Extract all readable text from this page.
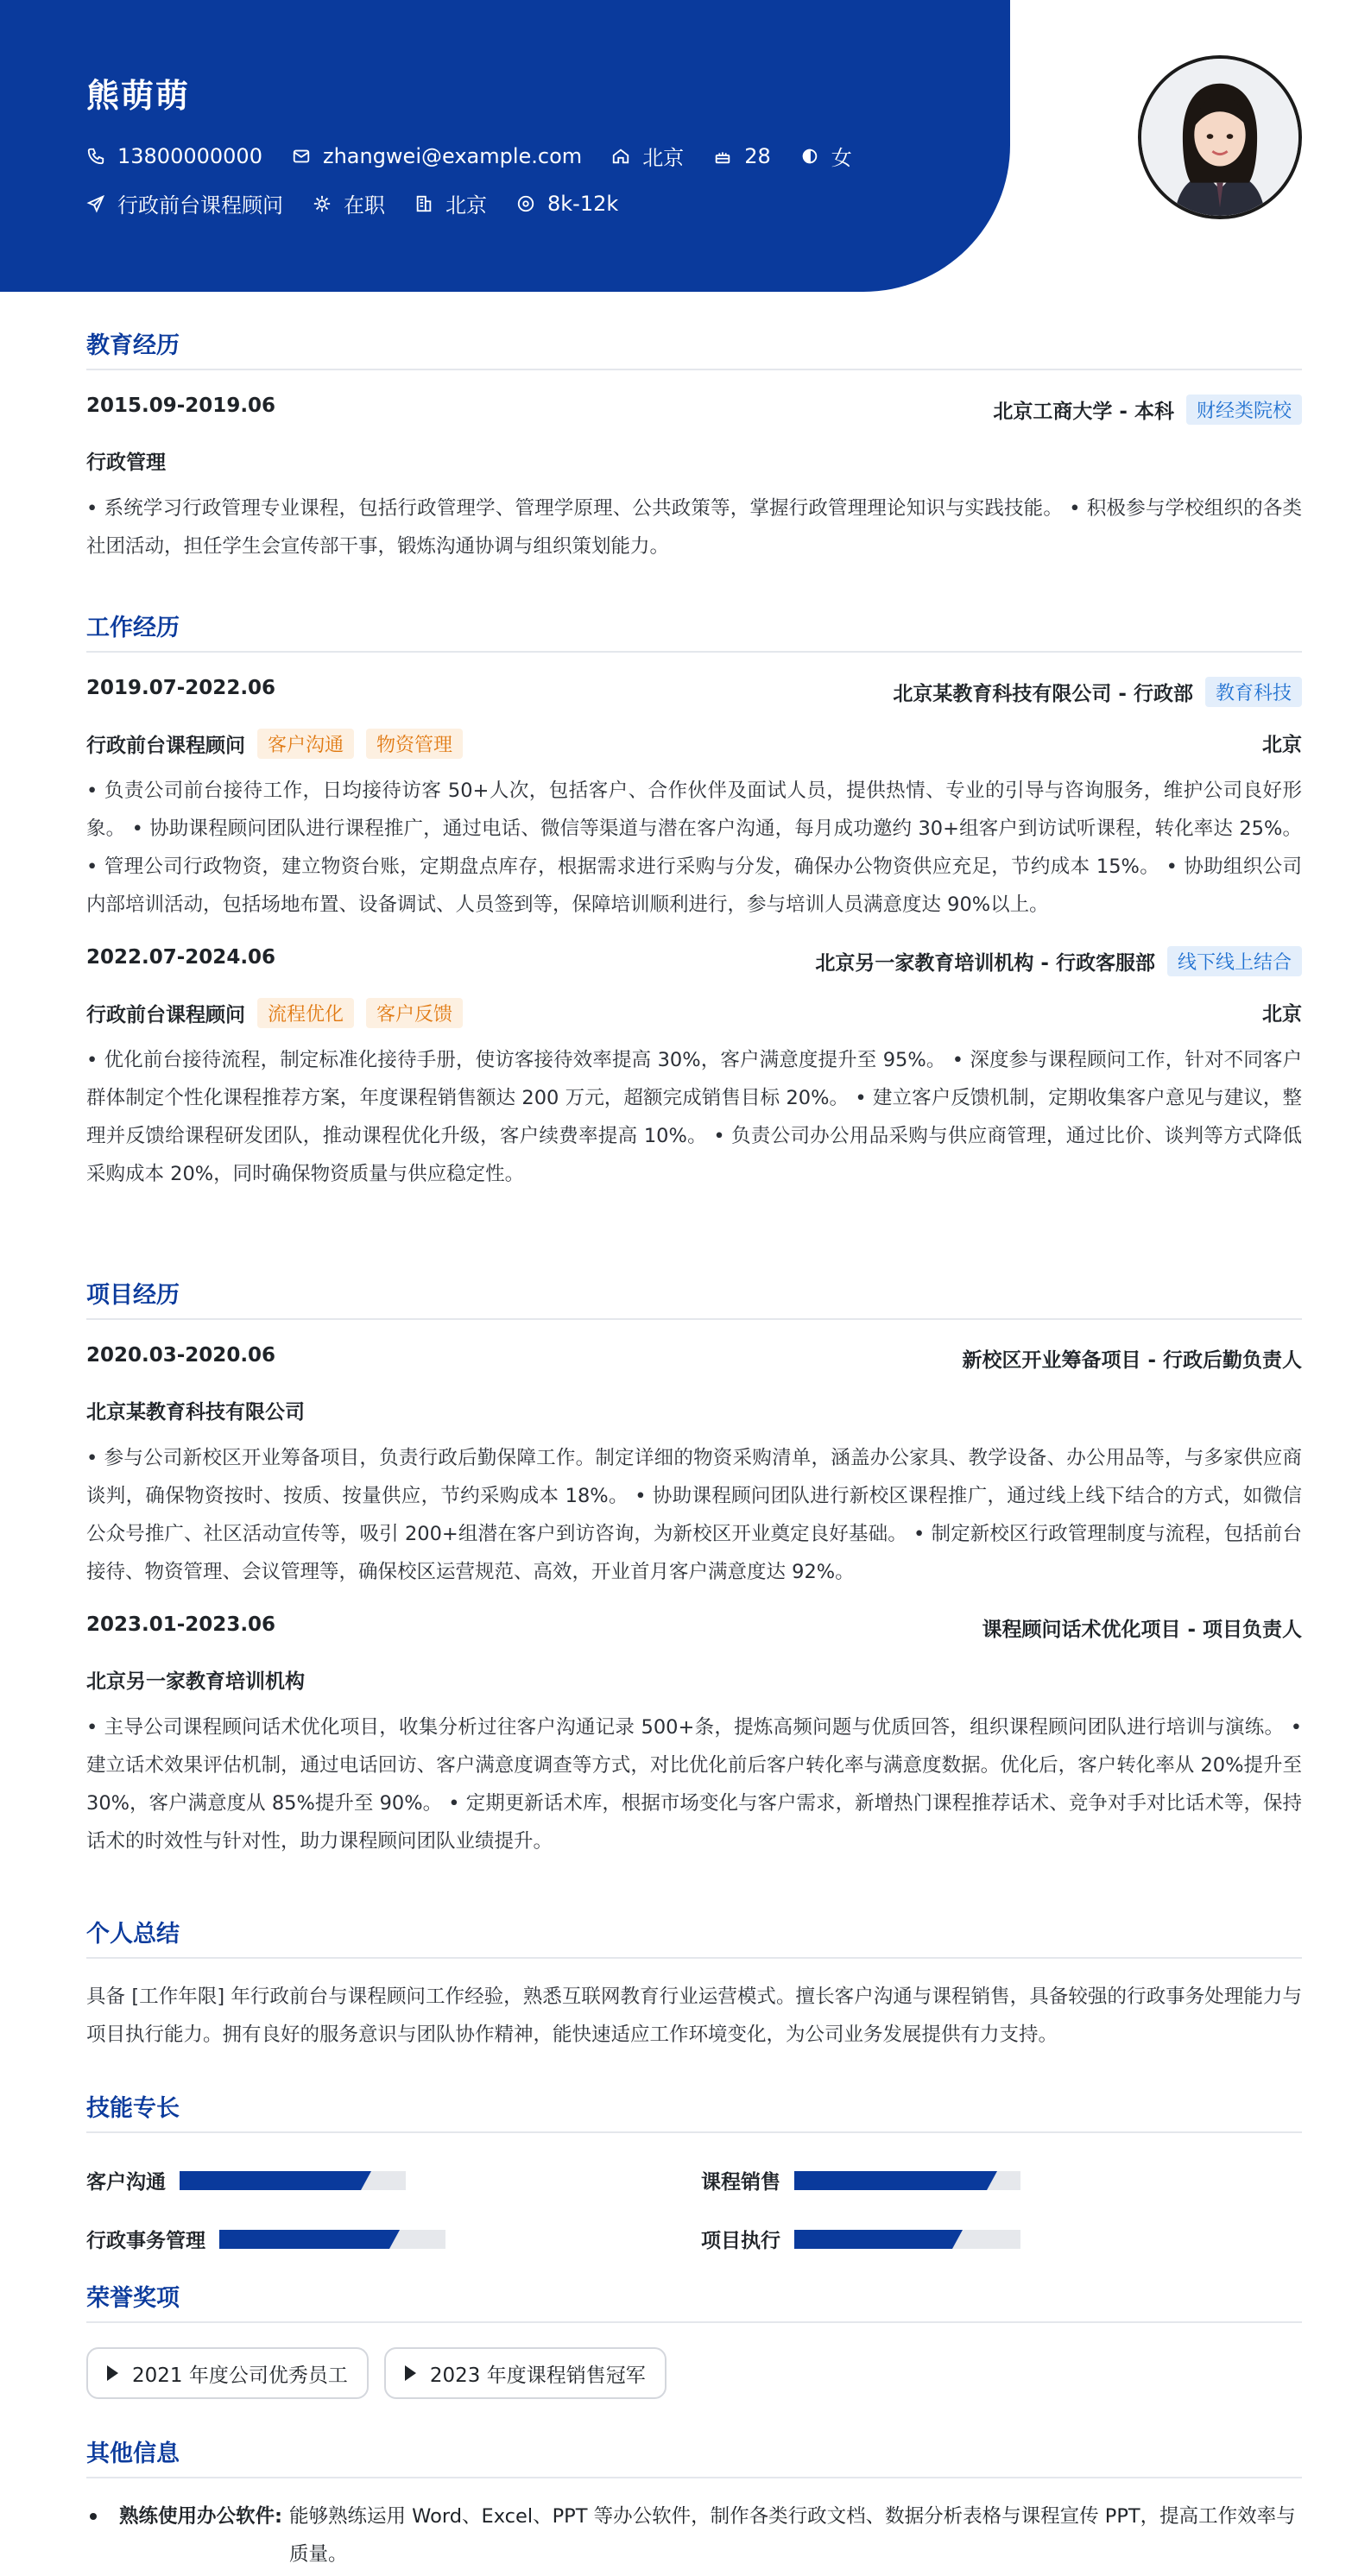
熊萌萌
13800000000	zhangwei@example.com	北京	28	女
行政前台课程顾问	在职	北京	8k-12k
教育经历
2015.09-2019.06	北京工商大学 - 本科	财经类院校
行政管理
• 系统学习行政管理专业课程，包括行政管理学、管理学原理、公共政策等，掌握行政管理理论知识与实践技能。 • 积极参与学校组织的各类社团活动，担任学生会宣传部干事，锻炼沟通协调与组织策划能力。
工作经历
2019.07-2022.06	北京某教育科技有限公司 - 行政部	教育科技
行政前台课程顾问	客户沟通	物资管理	北京
• 负责公司前台接待工作，日均接待访客 50+人次，包括客户、合作伙伴及面试人员，提供热情、专业的引导与咨询服务，维护公司良好形象。 • 协助课程顾问团队进行课程推广，通过电话、微信等渠道与潜在客户沟通，每月成功邀约 30+组客户到访试听课程，转化率达 25%。 • 管理公司行政物资，建立物资台账，定期盘点库存，根据需求进行采购与分发，确保办公物资供应充足，节约成本 15%。 • 协助组织公司内部培训活动，包括场地布置、设备调试、人员签到等，保障培训顺利进行，参与培训人员满意度达 90%以上。
2022.07-2024.06	北京另一家教育培训机构 - 行政客服部	线下线上结合
行政前台课程顾问	流程优化	客户反馈	北京
• 优化前台接待流程，制定标准化接待手册，使访客接待效率提高 30%，客户满意度提升至 95%。 • 深度参与课程顾问工作，针对不同客户群体制定个性化课程推荐方案，年度课程销售额达 200 万元，超额完成销售目标 20%。 • 建立客户反馈机制，定期收集客户意见与建议，整理并反馈给课程研发团队，推动课程优化升级，客户续费率提高 10%。 • 负责公司办公用品采购与供应商管理，通过比价、谈判等方式降低采购成本 20%，同时确保物资质量与供应稳定性。
项目经历
2020.03-2020.06	新校区开业筹备项目 - 行政后勤负责人
北京某教育科技有限公司
• 参与公司新校区开业筹备项目，负责行政后勤保障工作。制定详细的物资采购清单，涵盖办公家具、教学设备、办公用品等，与多家供应商谈判，确保物资按时、按质、按量供应，节约采购成本 18%。 • 协助课程顾问团队进行新校区课程推广，通过线上线下结合的方式，如微信公众号推广、社区活动宣传等，吸引 200+组潜在客户到访咨询，为新校区开业奠定良好基础。 • 制定新校区行政管理制度与流程，包括前台接待、物资管理、会议管理等，确保校区运营规范、高效，开业首月客户满意度达 92%。
2023.01-2023.06	课程顾问话术优化项目 - 项目负责人
北京另一家教育培训机构
• 主导公司课程顾问话术优化项目，收集分析过往客户沟通记录 500+条，提炼高频问题与优质回答，组织课程顾问团队进行培训与演练。 • 建立话术效果评估机制，通过电话回访、客户满意度调查等方式，对比优化前后客户转化率与满意度数据。优化后，客户转化率从 20%提升至 30%，客户满意度从 85%提升至 90%。 • 定期更新话术库，根据市场变化与客户需求，新增热门课程推荐话术、竞争对手对比话术等，保持话术的时效性与针对性，助力课程顾问团队业绩提升。
个人总结
具备 [工作年限] 年行政前台与课程顾问工作经验，熟悉互联网教育行业运营模式。擅长客户沟通与课程销售，具备较强的行政事务处理能力与项目执行能力。拥有良好的服务意识与团队协作精神，能快速适应工作环境变化，为公司业务发展提供有力支持。
技能专长
客户沟通	课程销售
行政事务管理	项目执行
荣誉奖项
2021 年度公司优秀员工	2023 年度课程销售冠军
其他信息
熟练使用办公软件: 能够熟练运用 Word、Excel、PPT 等办公软件，制作各类行政文档、数据分析表格与课程宣传 PPT，提高工作效率与质量。
